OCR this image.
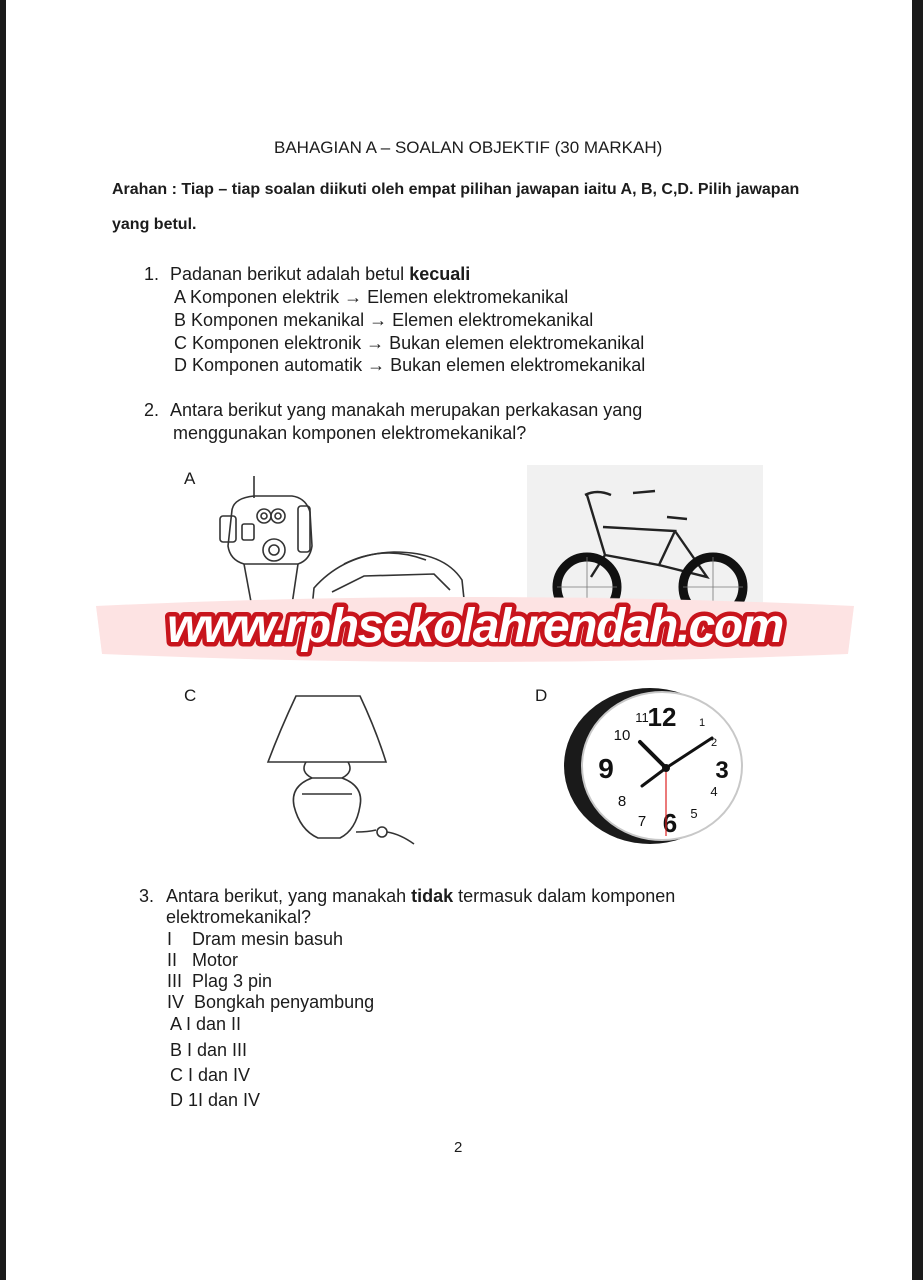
BAHAGIAN A – SOALAN OBJEKTIF (30 MARKAH)
Arahan : Tiap – tiap soalan diikuti oleh empat pilihan jawapan iaitu A, B, C,D. Pilih jawapan
yang betul.
1. Padanan berikut adalah betul kecuali
A Komponen elektrik → Elemen elektromekanikal
B Komponen mekanikal → Elemen elektromekanikal
C Komponen elektronik → Bukan elemen elektromekanikal
D Komponen automatik → Bukan elemen elektromekanikal
2. Antara berikut yang manakah merupakan perkakasan yang
menggunakan komponen elektromekanikal?
A
C	D
12
10
9	3
8
4
6 5
11
2
1
7
www.rphsekolahrendah.com
3. Antara berikut, yang manakah tidak termasuk dalam komponen
elektromekanikal?
I    Dram mesin basuh
II   Motor
III  Plag 3 pin
IV  Bongkah penyambung
A I dan II
B I dan III
C I dan IV
D 1I dan IV
2
